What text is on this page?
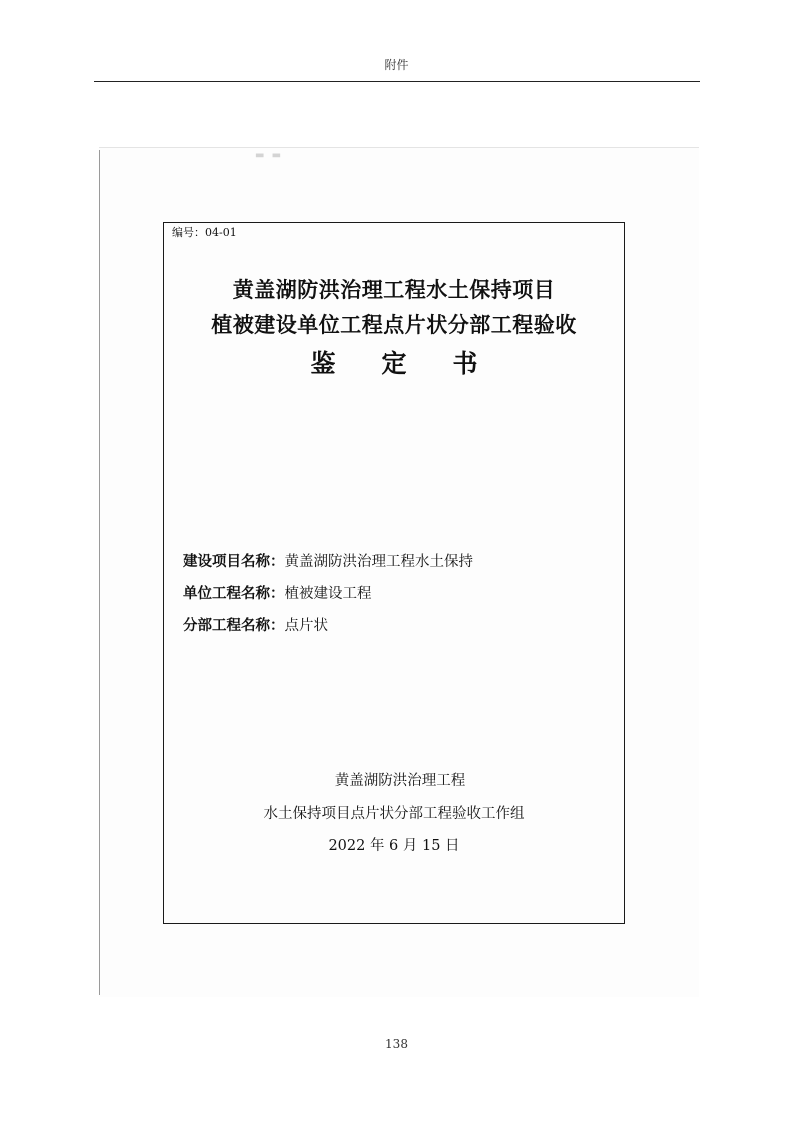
附件
▬ ▬
编号：04-01
黄盖湖防洪治理工程水土保持项目
植被建设单位工程点片状分部工程验收
鉴定书
建设项目名称：黄盖湖防洪治理工程水土保持
单位工程名称：植被建设工程
分部工程名称：点片状
黄盖湖防洪治理工程
水土保持项目点片状分部工程验收工作组
2022 年 6 月 15 日
138
